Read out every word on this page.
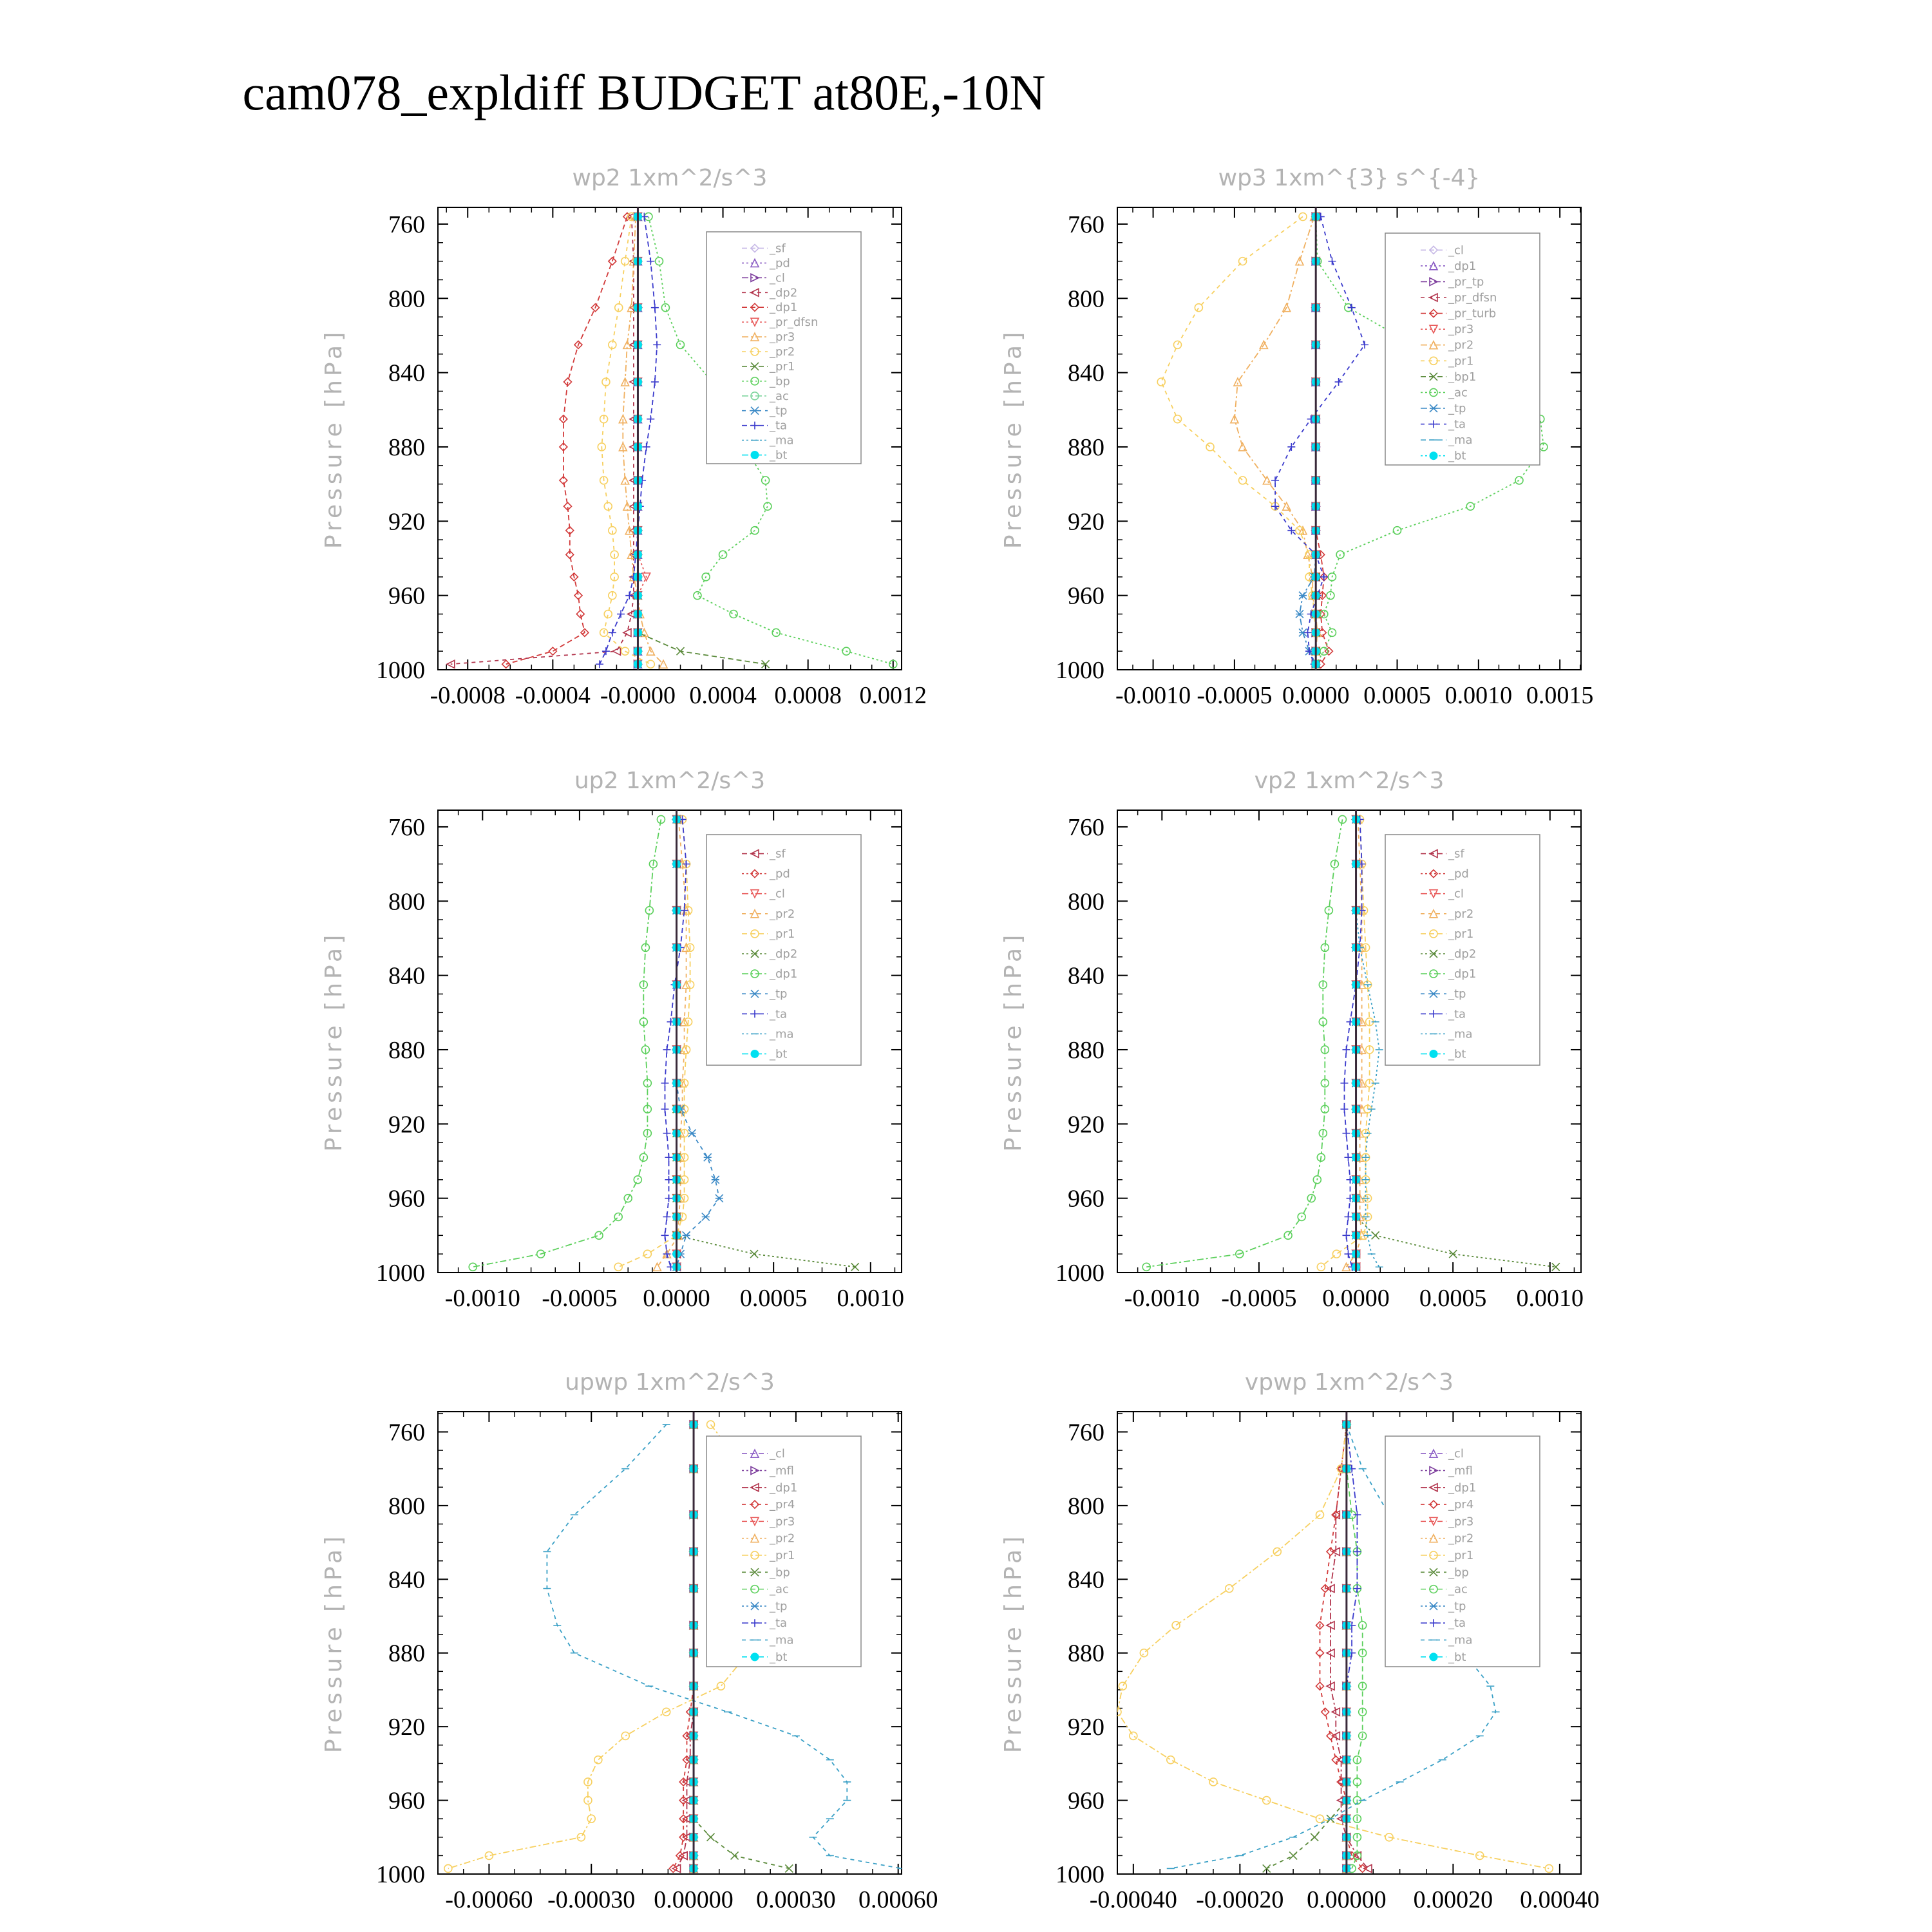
cam078_expldiff BUDGET at80E,-10N
wp2 1xm^2/s^3
Pressure [hPa]
760
800
840
880
920
960
1000
-0.0008 -0.0004 -0.0000 0.0004 0.0008 0.0012
_sf
_pd
_cl
_dp2
_dp1
_pr_dfsn
_pr3
_pr2
_pr1
_bp
_ac
_tp
_ta
_ma
_bt
wp3 1xm^{3} s^{-4}
Pressure [hPa]
760
800
840
880
920
960
1000
-0.0010 -0.0005 0.0000 0.0005 0.0010 0.0015
_cl
_dp1
_pr_tp
_pr_dfsn
_pr_turb
_pr3
_pr2
_pr1
_bp1
_ac
_tp
_ta
_ma
_bt
up2 1xm^2/s^3
Pressure [hPa]
760
800
840
880
920
960
1000
-0.0010 -0.0005 0.0000 0.0005 0.0010
_sf
_pd
_cl
_pr2
_pr1
_dp2
_dp1
_tp
_ta
_ma
_bt
vp2 1xm^2/s^3
Pressure [hPa]
760
800
840
880
920
960
1000
-0.0010 -0.0005 0.0000 0.0005 0.0010
_sf
_pd
_cl
_pr2
_pr1
_dp2
_dp1
_tp
_ta
_ma
_bt
upwp 1xm^2/s^3
Pressure [hPa]
760
800
840
880
920
960
1000
-0.00060 -0.00030 0.00000 0.00030 0.00060
_cl
_mfl
_dp1
_pr4
_pr3
_pr2
_pr1
_bp
_ac
_tp
_ta
_ma
_bt
vpwp 1xm^2/s^3
Pressure [hPa]
760
800
840
880
920
960
1000
-0.00040 -0.00020 0.00000 0.00020 0.00040
_cl
_mfl
_dp1
_pr4
_pr3
_pr2
_pr1
_bp
_ac
_tp
_ta
_ma
_bt
